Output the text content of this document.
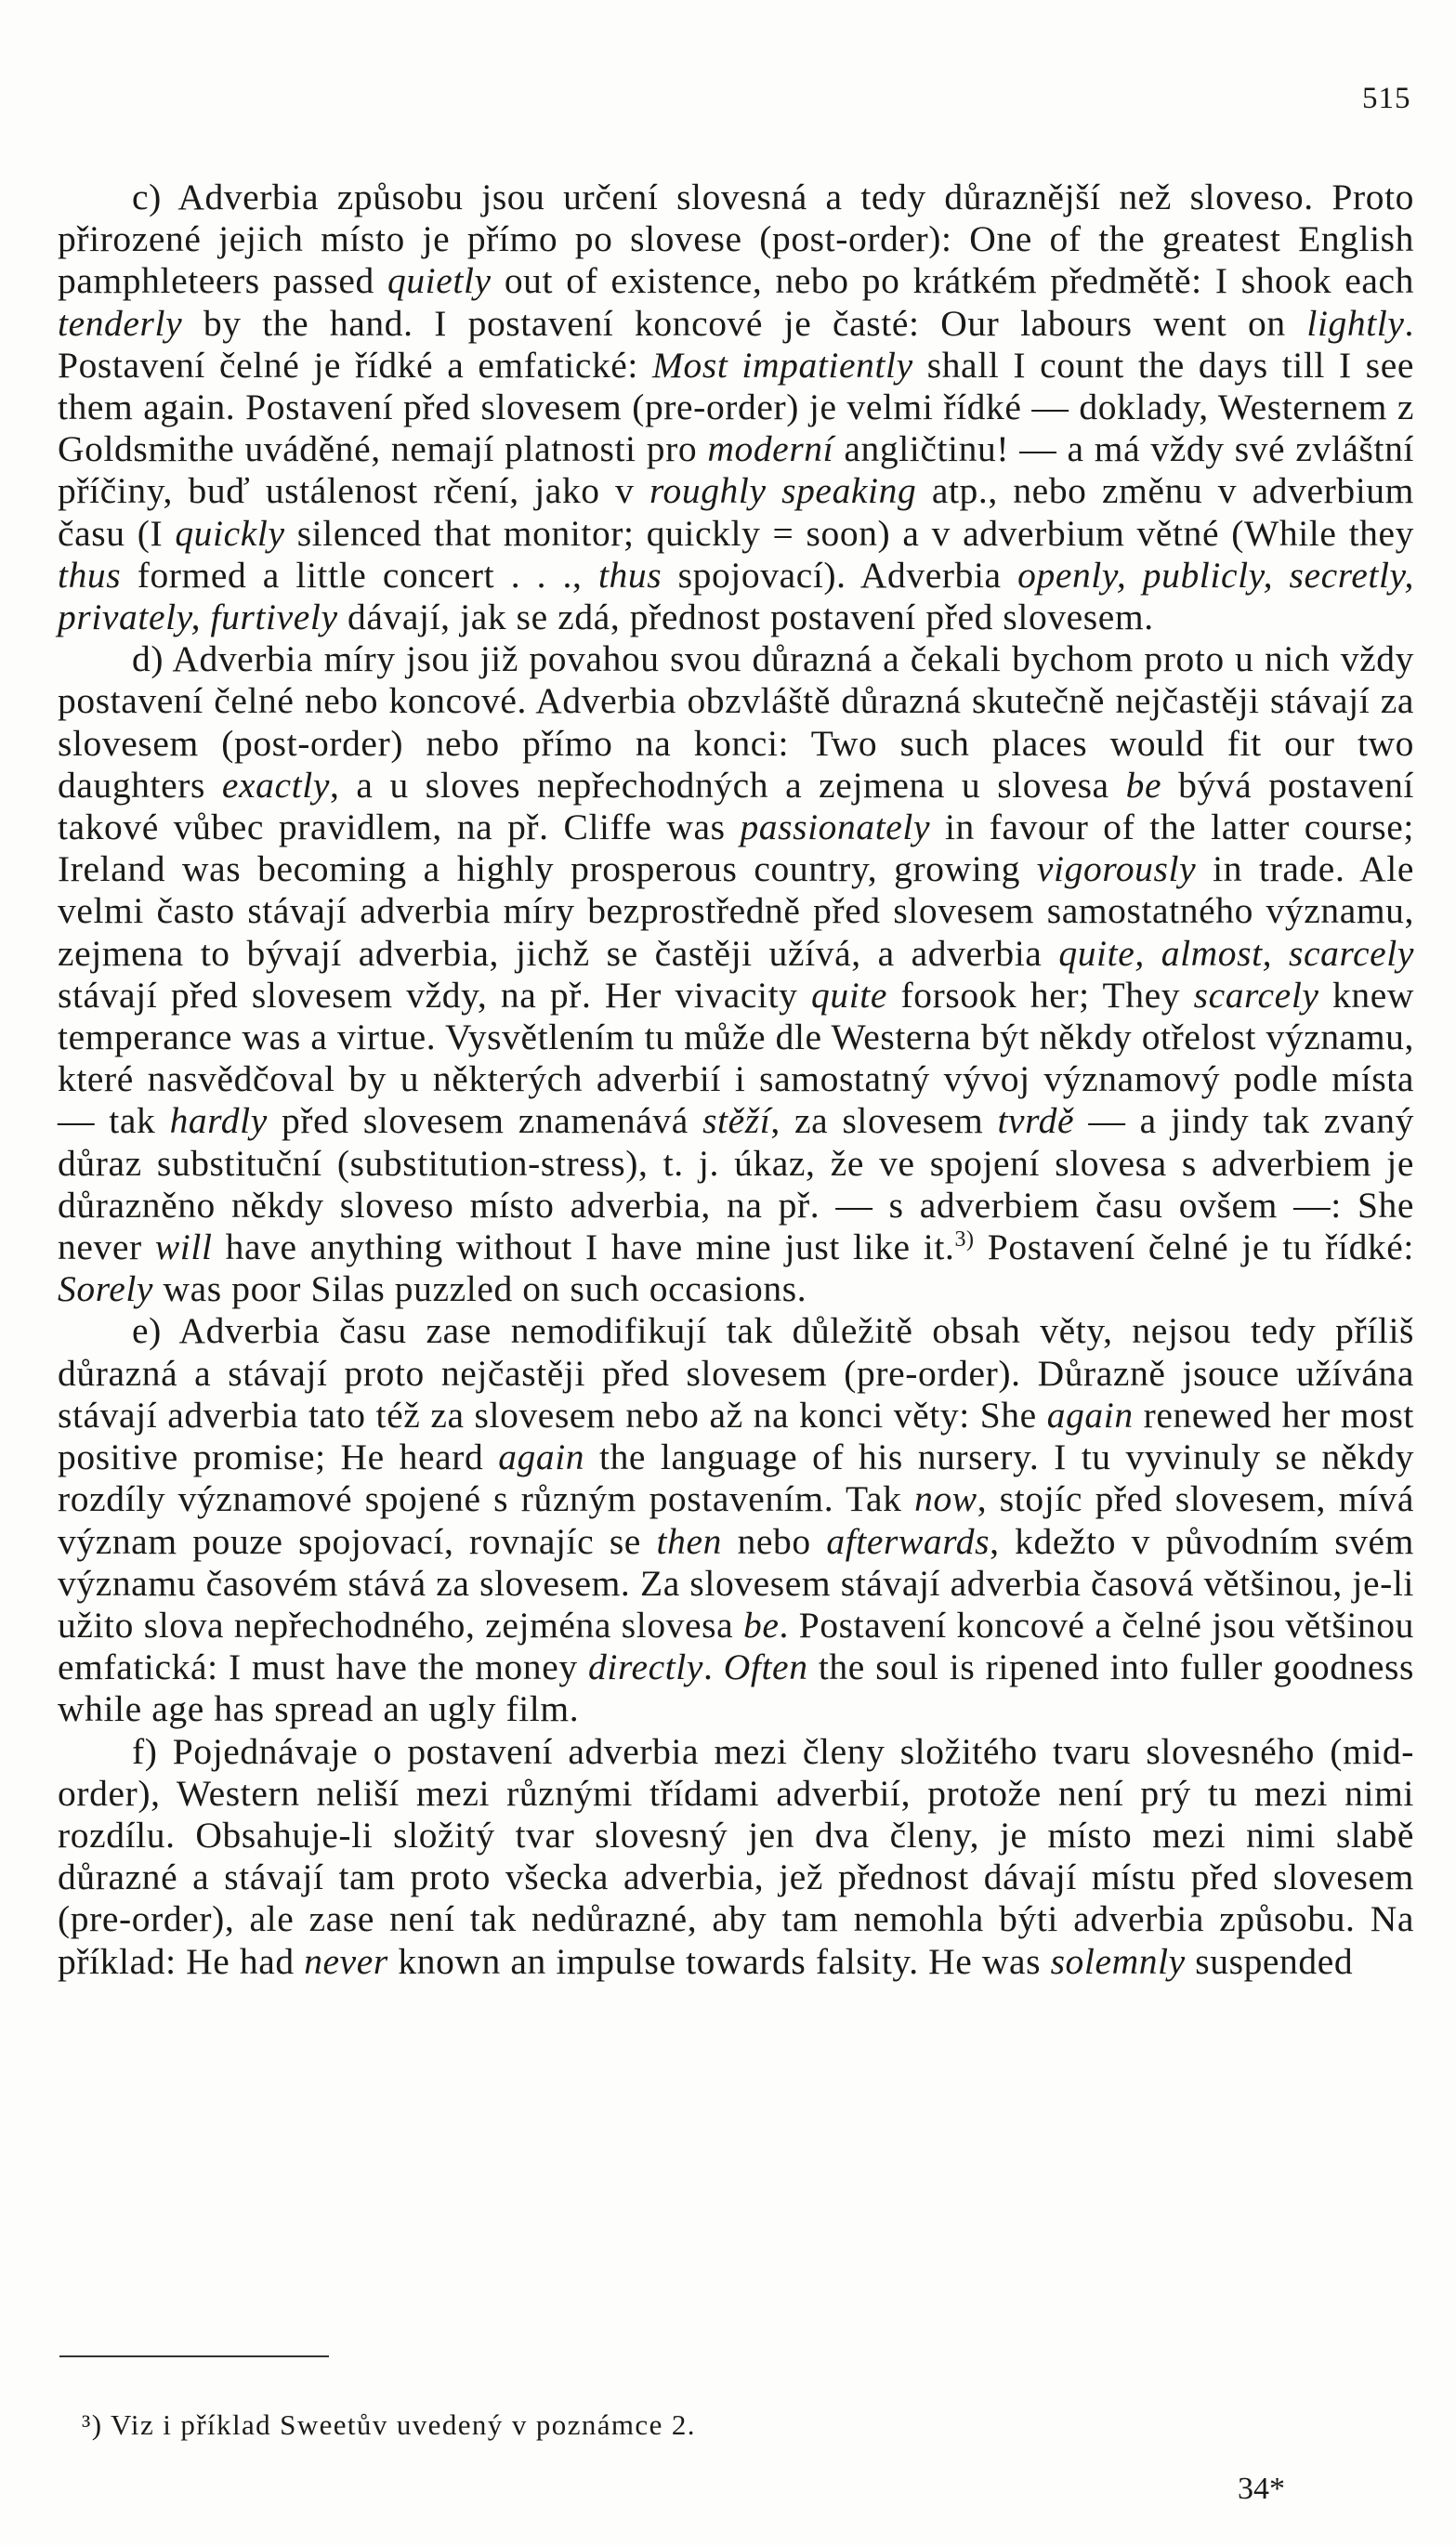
515

c) Adverbia způsobu jsou určení slovesná a tedy důraznější než sloveso. Proto přirozené jejich místo je přímo po slovese (post-order): One of the greatest English pamphleteers passed quietly out of existence, nebo po krátkém předmětě: I shook each tenderly by the hand. I postavení koncové je časté: Our labours went on lightly. Postavení čelné je řídké a emfatické: Most impatiently shall I count the days till I see them again. Postavení před slovesem (pre-order) je velmi řídké — doklady, Westernem z Goldsmithe uváděné, nemají platnosti pro moderní angličtinu! — a má vždy své zvláštní příčiny, buď ustálenost rčení, jako v roughly speaking atp., nebo změnu v adverbium času (I quickly silenced that monitor; quickly = soon) a v adverbium větné (While they thus formed a little concert . . ., thus spojovací). Adverbia openly, publicly, secretly, privately, furtively dávají, jak se zdá, přednost postavení před slovesem.

d) Adverbia míry jsou již povahou svou důrazná a čekali bychom proto u nich vždy postavení čelné nebo koncové. Adverbia obzvláště důrazná skutečně nejčastěji stávají za slovesem (post-order) nebo přímo na konci: Two such places would fit our two daughters exactly, a u sloves nepřechodných a zejmena u slovesa be bývá postavení takové vůbec pravidlem, na př. Cliffe was passionately in favour of the latter course; Ireland was becoming a highly prosperous country, growing vigorously in trade. Ale velmi často stávají adverbia míry bezprostředně před slovesem samostatného významu, zejmena to bývají adverbia, jichž se častěji užívá, a adverbia quite, almost, scarcely stávají před slovesem vždy, na př. Her vivacity quite forsook her; They scarcely knew temperance was a virtue. Vysvětlením tu může dle Westerna být někdy otřelost významu, které nasvědčoval by u některých adverbií i samostatný vývoj významový podle místa — tak hardly před slovesem znamenává stěží, za slovesem tvrdě — a jindy tak zvaný důraz substituční (substitution-stress), t. j. úkaz, že ve spojení slovesa s adverbiem je důrazněno někdy sloveso místo adverbia, na př. — s adverbiem času ovšem —: She never will have anything without I have mine just like it.$^{3)}$ Postavení čelné je tu řídké: Sorely was poor Silas puzzled on such occasions.

e) Adverbia času zase nemodifikují tak důležitě obsah věty, nejsou tedy příliš důrazná a stávají proto nejčastěji před slovesem (pre-order). Důrazně jsouce užívána stávají adverbia tato též za slovesem nebo až na konci věty: She again renewed her most positive promise; He heard again the language of his nursery. I tu vyvinuly se někdy rozdíly významové spojené s různým postavením. Tak now, stojíc před slovesem, mívá význam pouze spojovací, rovnajíc se then nebo afterwards, kdežto v původním svém významu časovém stává za slovesem. Za slovesem stávají adverbia časová většinou, je-li užito slova nepřechodného, zejména slovesa be. Postavení koncové a čelné jsou většinou emfatická: I must have the money directly. Often the soul is ripened into fuller goodness while age has spread an ugly film.

f) Pojednávaje o postavení adverbia mezi členy složitého tvaru slovesného (mid-order), Western neliší mezi různými třídami adverbií, protože není prý tu mezi nimi rozdílu. Obsahuje-li složitý tvar slovesný jen dva členy, je místo mezi nimi slabě důrazné a stávají tam proto všecka adverbia, jež přednost dávají místu před slovesem (pre-order), ale zase není tak nedůrazné, aby tam nemohla býti adverbia způsobu. Na příklad: He had never known an impulse towards falsity. He was solemnly suspended

³) Viz i příklad Sweetův uvedený v poznámce 2.
34*
